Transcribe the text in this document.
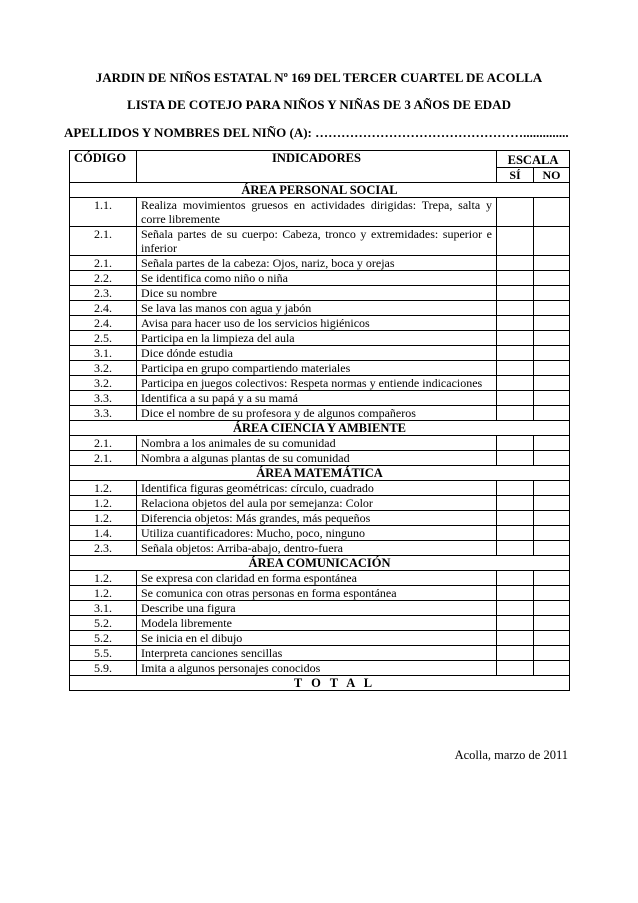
JARDIN DE NIÑOS ESTATAL Nº 169 DEL TERCER CUARTEL DE ACOLLA
LISTA DE COTEJO PARA NIÑOS Y NIÑAS DE 3 AÑOS DE EDAD
APELLIDOS Y NOMBRES DEL NIÑO (A): …………………………………………..............
CÓDIGO	INDICADORES	ESCALA	
		SÍ	NO
ÁREA PERSONAL SOCIAL			
1.1.	Realiza movimientos gruesos en actividades dirigidas: Trepa, salta y corre libremente		
2.1.	Señala partes de su cuerpo: Cabeza, tronco y extremidades: superior e inferior		
2.1.	Señala partes de la cabeza: Ojos, nariz, boca y orejas		
2.2.	Se identifica como niño o niña		
2.3.	Dice su nombre		
2.4.	Se lava las manos con agua y jabón		
2.4.	Avisa para hacer uso de los servicios higiénicos		
2.5.	Participa en la limpieza del aula		
3.1.	Dice dónde estudia		
3.2.	Participa en grupo compartiendo materiales		
3.2.	Participa en juegos colectivos: Respeta normas y entiende indicaciones		
3.3.	Identifica a su papá y a su mamá		
3.3.	Dice el nombre de su profesora y de algunos compañeros		
ÁREA CIENCIA Y AMBIENTE			
2.1.	Nombra a los animales de su comunidad		
2.1.	Nombra a algunas plantas de su comunidad		
ÁREA MATEMÁTICA			
1.2.	Identifica figuras geométricas: círculo, cuadrado		
1.2.	Relaciona objetos del aula por semejanza: Color		
1.2.	Diferencia objetos: Más grandes, más pequeños		
1.4.	Utiliza cuantificadores: Mucho, poco, ninguno		
2.3.	Señala objetos: Arriba-abajo, dentro-fuera		
ÁREA COMUNICACIÓN			
1.2.	Se expresa con claridad en forma espontánea		
1.2.	Se comunica con otras personas en forma espontánea		
3.1.	Describe una figura		
5.2.	Modela libremente		
5.2.	Se inicia en el dibujo		
5.5.	Interpreta canciones sencillas		
5.9.	Imita a algunos personajes conocidos		
T O T A L			
Acolla, marzo de 2011
